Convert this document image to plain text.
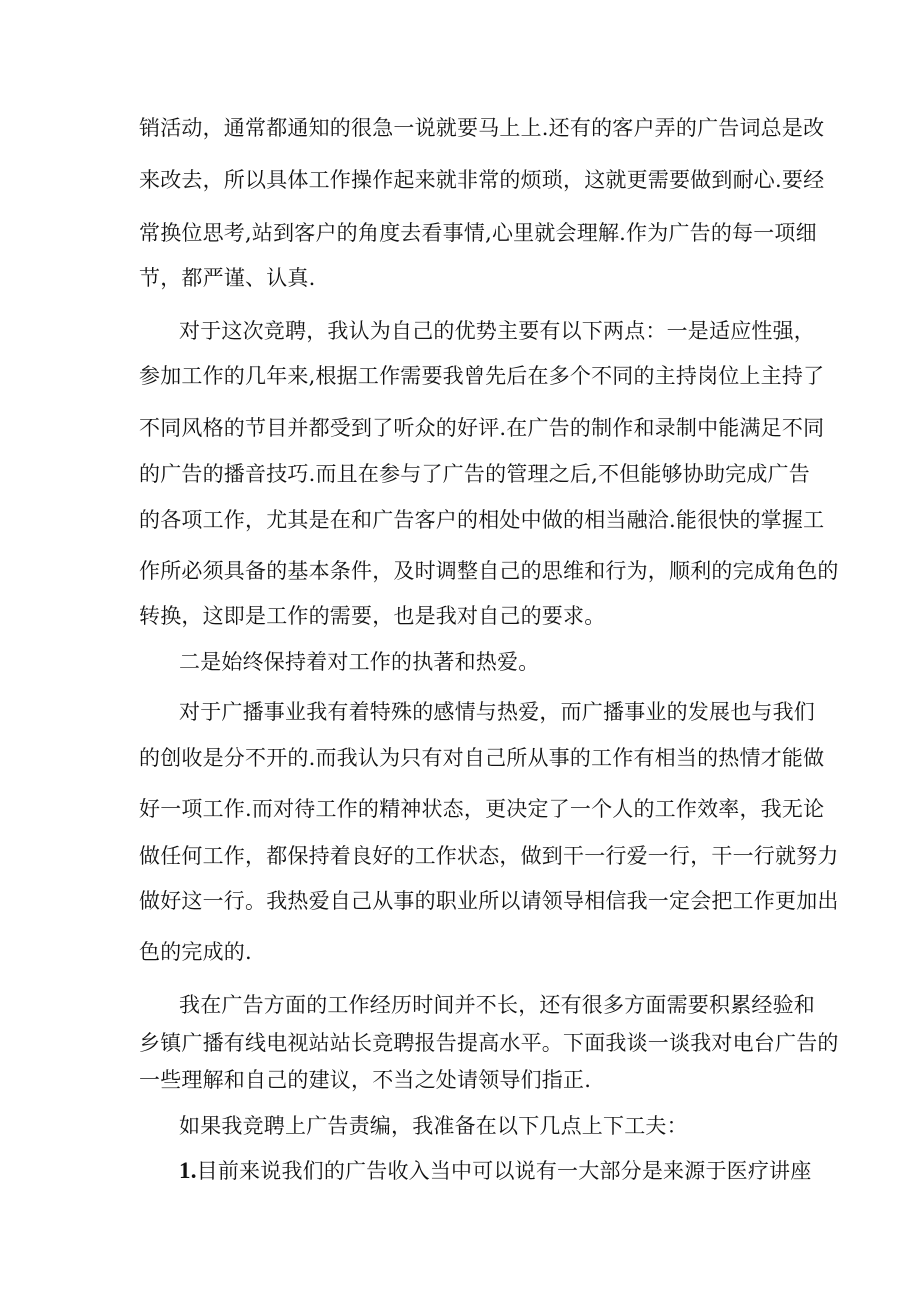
销活动，通常都通知的很急一说就要马上上.还有的客户弄的广告词总是改
来改去，所以具体工作操作起来就非常的烦琐，这就更需要做到耐心.要经
常换位思考,站到客户的角度去看事情,心里就会理解.作为广告的每一项细
节，都严谨、认真.
对于这次竞聘，我认为自己的优势主要有以下两点：一是适应性强，
参加工作的几年来,根据工作需要我曾先后在多个不同的主持岗位上主持了
不同风格的节目并都受到了听众的好评.在广告的制作和录制中能满足不同
的广告的播音技巧.而且在参与了广告的管理之后,不但能够协助完成广告
的各项工作，尤其是在和广告客户的相处中做的相当融洽.能很快的掌握工
作所必须具备的基本条件，及时调整自己的思维和行为，顺利的完成角色的
转换，这即是工作的需要，也是我对自己的要求。
二是始终保持着对工作的执著和热爱。
对于广播事业我有着特殊的感情与热爱，而广播事业的发展也与我们
的创收是分不开的.而我认为只有对自己所从事的工作有相当的热情才能做
好一项工作.而对待工作的精神状态，更决定了一个人的工作效率，我无论
做任何工作，都保持着良好的工作状态，做到干一行爱一行，干一行就努力
做好这一行。我热爱自己从事的职业所以请领导相信我一定会把工作更加出
色的完成的.
我在广告方面的工作经历时间并不长，还有很多方面需要积累经验和
乡镇广播有线电视站站长竞聘报告提高水平。下面我谈一谈我对电台广告的
一些理解和自己的建议，不当之处请领导们指正.
如果我竞聘上广告责编，我准备在以下几点上下工夫：
1.目前来说我们的广告收入当中可以说有一大部分是来源于医疗讲座
